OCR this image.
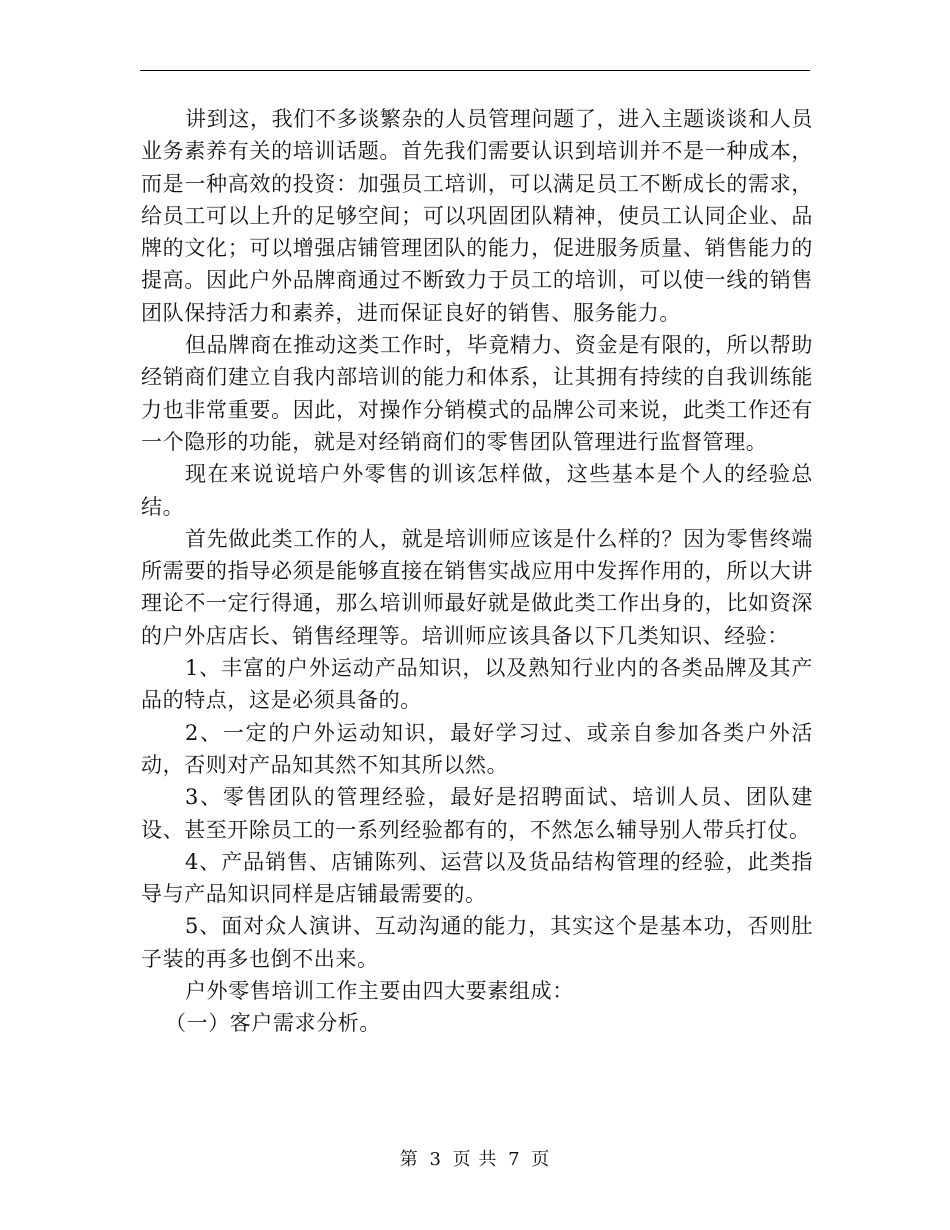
讲到这，我们不多谈繁杂的人员管理问题了，进入主题谈谈和人员业务素养有关的培训话题。首先我们需要认识到培训并不是一种成本，而是一种高效的投资：加强员工培训，可以满足员工不断成长的需求，给员工可以上升的足够空间；可以巩固团队精神，使员工认同企业、品牌的文化；可以增强店铺管理团队的能力，促进服务质量、销售能力的提高。因此户外品牌商通过不断致力于员工的培训，可以使一线的销售团队保持活力和素养，进而保证良好的销售、服务能力。

但品牌商在推动这类工作时，毕竟精力、资金是有限的，所以帮助经销商们建立自我内部培训的能力和体系，让其拥有持续的自我训练能力也非常重要。因此，对操作分销模式的品牌公司来说，此类工作还有一个隐形的功能，就是对经销商们的零售团队管理进行监督管理。

现在来说说培户外零售的训该怎样做，这些基本是个人的经验总结。

首先做此类工作的人，就是培训师应该是什么样的？因为零售终端所需要的指导必须是能够直接在销售实战应用中发挥作用的，所以大讲理论不一定行得通，那么培训师最好就是做此类工作出身的，比如资深的户外店店长、销售经理等。培训师应该具备以下几类知识、经验：

1、丰富的户外运动产品知识，以及熟知行业内的各类品牌及其产品的特点，这是必须具备的。

2、一定的户外运动知识，最好学习过、或亲自参加各类户外活动，否则对产品知其然不知其所以然。

3、零售团队的管理经验，最好是招聘面试、培训人员、团队建设、甚至开除员工的一系列经验都有的，不然怎么辅导别人带兵打仗。

4、产品销售、店铺陈列、运营以及货品结构管理的经验，此类指导与产品知识同样是店铺最需要的。

5、面对众人演讲、互动沟通的能力，其实这个是基本功，否则肚子装的再多也倒不出来。

户外零售培训工作主要由四大要素组成：

（一）客户需求分析。

第 3 页 共 7 页
